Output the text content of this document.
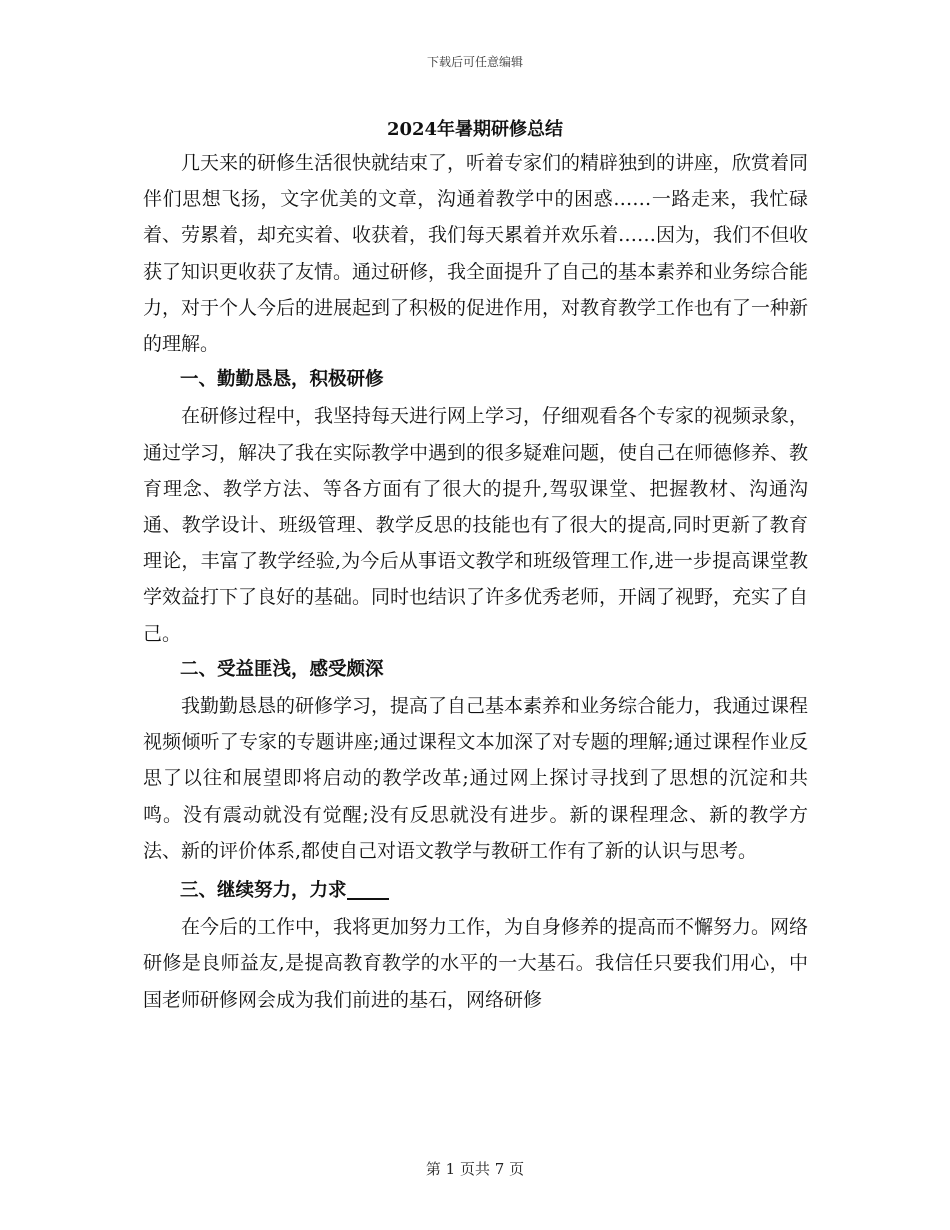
下载后可任意编辑
2024年暑期研修总结

几天来的研修生活很快就结束了，听着专家们的精辟独到的讲座，欣赏着同伴们思想飞扬，文字优美的文章，沟通着教学中的困惑……一路走来，我忙碌着、劳累着，却充实着、收获着，我们每天累着并欢乐着……因为，我们不但收获了知识更收获了友情。通过研修，我全面提升了自己的基本素养和业务综合能力，对于个人今后的进展起到了积极的促进作用，对教育教学工作也有了一种新的理解。

一、勤勤恳恳，积极研修

在研修过程中，我坚持每天进行网上学习，仔细观看各个专家的视频录象，通过学习，解决了我在实际教学中遇到的很多疑难问题，使自己在师德修养、教育理念、教学方法、等各方面有了很大的提升,驾驭课堂、把握教材、沟通沟通、教学设计、班级管理、教学反思的技能也有了很大的提高,同时更新了教育理论，丰富了教学经验,为今后从事语文教学和班级管理工作,进一步提高课堂教学效益打下了良好的基础。同时也结识了许多优秀老师，开阔了视野，充实了自己。

二、受益匪浅，感受颇深

我勤勤恳恳的研修学习，提高了自己基本素养和业务综合能力，我通过课程视频倾听了专家的专题讲座;通过课程文本加深了对专题的理解;通过课程作业反思了以往和展望即将启动的教学改革;通过网上探讨寻找到了思想的沉淀和共鸣。没有震动就没有觉醒;没有反思就没有进步。新的课程理念、新的教学方法、新的评价体系,都使自己对语文教学与教研工作有了新的认识与思考。

三、继续努力，力求

在今后的工作中，我将更加努力工作，为自身修养的提高而不懈努力。网络研修是良师益友,是提高教育教学的水平的一大基石。我信任只要我们用心，中国老师研修网会成为我们前进的基石，网络研修

第 1 页共 7 页
